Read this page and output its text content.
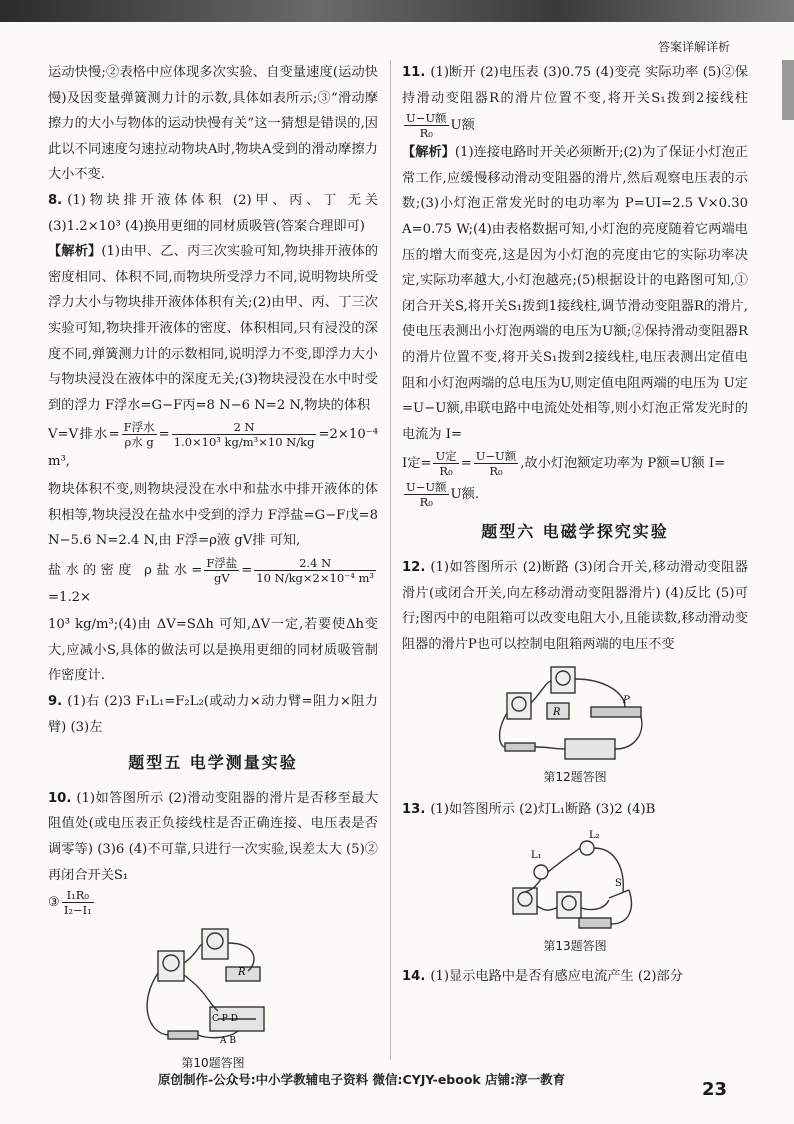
答案详解详析

运动快慢;②表格中应体现多次实验、自变量速度(运动快慢)及因变量弹簧测力计的示数,具体如表所示;③“滑动摩擦力的大小与物体的运动快慢有关”这一猜想是错误的,因此以不同速度匀速拉动物块A时,物块A受到的滑动摩擦力大小不变.

8. (1)物块排开液体体积 (2)甲、丙、丁 无关 (3)1.2×10³ (4)换用更细的同材质吸管(答案合理即可)

【解析】(1)由甲、乙、丙三次实验可知,物块排开液体的密度相同、体积不同,而物块所受浮力不同,说明物块所受浮力大小与物块排开液体体积有关;(2)由甲、丙、丁三次实验可知,物块排开液体的密度、体积相同,只有浸没的深度不同,弹簧测力计的示数相同,说明浮力不变,即浮力大小与物块浸没在液体中的深度无关;(3)物块浸没在水中时受到的浮力 F浮水=G−F丙=8 N−6 N=2 N,物块的体积

V=V排水= $\frac{\text{F浮水}}{\text{ρ水 g}} = \frac{2 N}{\text{1.0×10³ kg/m³×10 N/kg}} =2\times 10^{-4}$ m³,

物块体积不变,则物块浸没在水中和盐水中排开液体的体积相等,物块浸没在盐水中受到的浮力 F浮盐=G−F戊=8 N−5.6 N=2.4 N,由 F浮=ρ液 gV排 可知,

盐水的密度 ρ盐水= $\frac{\text{F浮盐}}{gV} = \frac{2.4 N}{\text{10 N/kg×2×10⁻⁴ m³}}$
=1.2×

10³ kg/m³;(4)由 ΔV=SΔh 可知,ΔV一定,若要使Δh变大,应减小S,具体的做法可以是换用更细的同材质吸管制作密度计.

9. (1)右 (2)3 F₁L₁=F₂L₂(或动力×动力臂=阻力×阻力臂) (3)左

题型五 电学测量实验

10. (1)如答图所示 (2)滑动变阻器的滑片是否移至最大阻值处(或电压表正负接线柱是否正确连接、电压表是否调零等) (3)6 (4)不可靠,只进行一次实验,误差太大 (5)②再闭合开关S₁

③ $\frac{\text{I₁R₀}}{\text{I₂−I₁}}$

R
C P D
A B
第10题答图

11. (1)断开 (2)电压表 (3)0.75 (4)变亮 实际功率 (5)②保持滑动变阻器R的滑片位置不变,将开关S₁拨到2接线柱
$\frac{\text{U−U额}}{\text{R₀}}$ U额

【解析】(1)连接电路时开关必须断开;(2)为了保证小灯泡正常工作,应缓慢移动滑动变阻器的滑片,然后观察电压表的示数;(3)小灯泡正常发光时的电功率为 P=UI=2.5 V×0.30 A=0.75 W;(4)由表格数据可知,小灯泡的亮度随着它两端电压的增大而变亮,这是因为小灯泡的亮度由它的实际功率决定,实际功率越大,小灯泡越亮;(5)根据设计的电路图可知,①闭合开关S,将开关S₁拨到1接线柱,调节滑动变阻器R的滑片,使电压表测出小灯泡两端的电压为U额;②保持滑动变阻器R的滑片位置不变,将开关S₁拨到2接线柱,电压表测出定值电阻和小灯泡两端的总电压为U,则定值电阻两端的电压为 U定=U−U额,串联电路中电流处处相等,则小灯泡正常发光时的电流为 I=

I定= $\frac{\text{U定}}{\text{R₀}} = \frac{\text{U−U额}}{\text{R₀}}$ ,故小灯泡额定功率为 P额=U额 I=

$\frac{\text{U−U额}}{\text{R₀}}$ U额.

题型六 电磁学探究实验

12. (1)如答图所示 (2)断路 (3)闭合开关,移动滑动变阻器滑片(或闭合开关,向左移动滑动变阻器滑片) (4)反比 (5)可行;图丙中的电阻箱可以改变电阻大小,且能读数,移动滑动变阻器的滑片P也可以控制电阻箱两端的电压不变

R
P
第12题答图

13. (1)如答图所示 (2)灯L₁断路 (3)2 (4)B

L₁
L₂
S
第13题答图

14. (1)显示电路中是否有感应电流产生 (2)部分

原创制作-公众号:中小学教辅电子资料 微信:CYJY-ebook 店铺:淳一教育	23
